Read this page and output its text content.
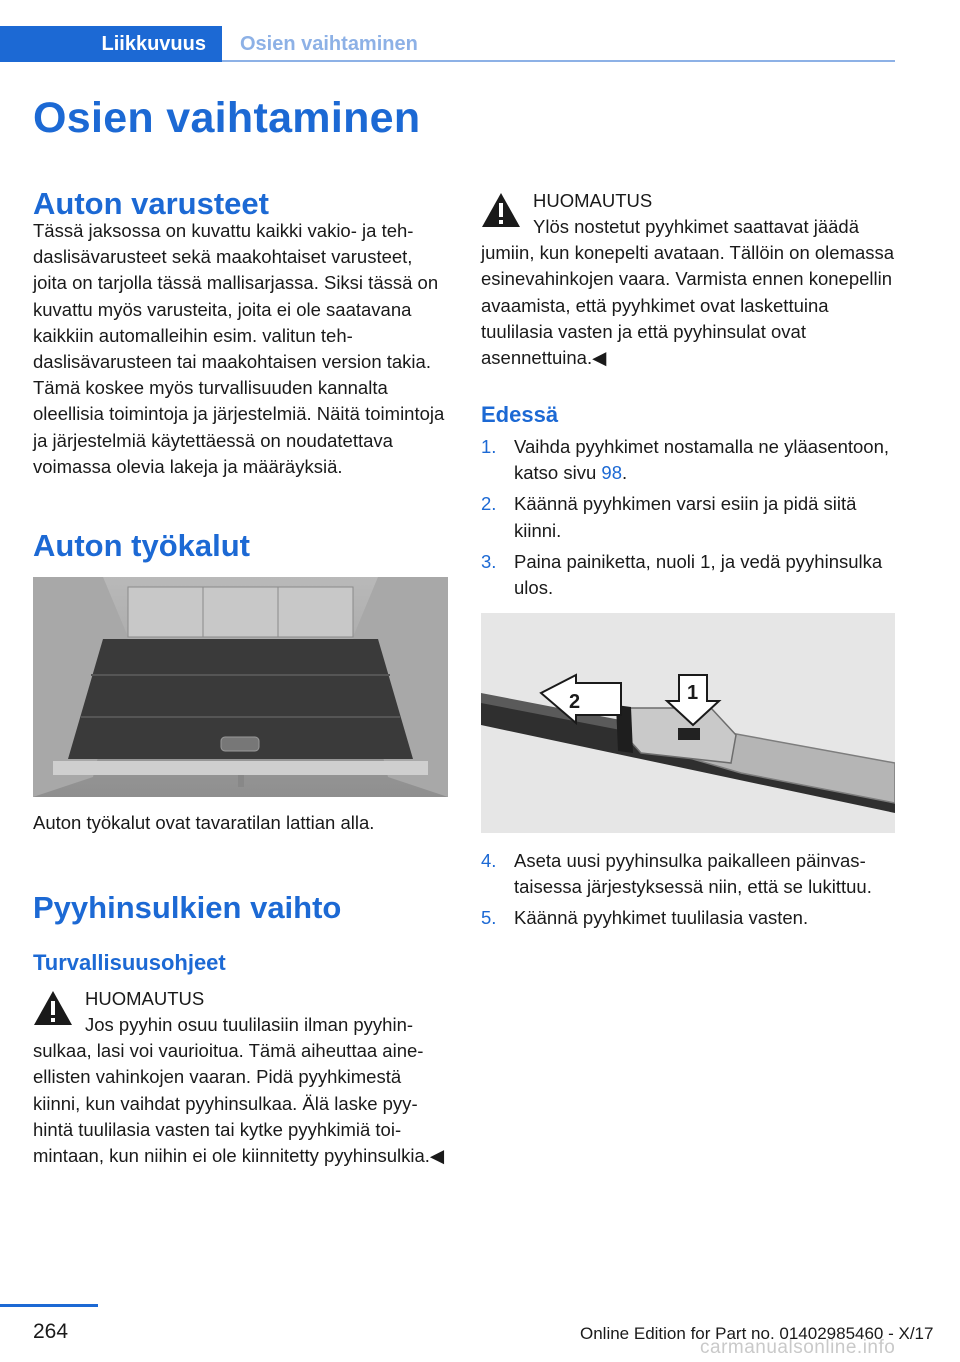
Liikkuvuus	Osien vaihtaminen
Osien vaihtaminen
Auton varusteet

Tässä jaksossa on kuvattu kaikki vakio- ja tehdaslisävarusteet sekä maakohtaiset varusteet, joita on tarjolla tässä mallisarjassa. Siksi tässä on kuvattu myös varusteita, joita ei ole saatavana kaikkiin automalleihin esim. valitun tehdaslisävarusteen tai maakohtaisen version takia. Tämä koskee myös turvallisuuden kannalta oleellisia toimintoja ja järjestelmiä. Näitä toimintoja ja järjestelmiä käytettäessä on noudatettava voimassa olevia lakeja ja määräyksiä.

Auton työkalut

Auton työkalut ovat tavaratilan lattian alla.

Pyyhinsulkien vaihto
Turvallisuusohjeet
HUOMAUTUS

Jos pyyhin osuu tuulilasiin ilman pyyhinsulkaa, lasi voi vaurioitua. Tämä aiheuttaa aineellisten vahinkojen vaaran. Pidä pyyhkimestä kiinni, kun vaihdat pyyhinsulkaa. Älä laske pyyhintä tuulilasia vasten tai kytke pyyhkimiä toimintaan, kun niihin ei ole kiinnitetty pyyhinsulkia.◀

HUOMAUTUS

Ylös nostetut pyyhkimet saattavat jäädä jumiin, kun konepelti avataan. Tällöin on olemassa esinevahinkojen vaara. Varmista ennen konepellin avaamista, että pyyhkimet ovat laskettuina tuulilasia vasten ja että pyyhinsulat ovat asennettuina.◀

Edessä
1. Vaihda pyyhkimet nostamalla ne yläasentoon, katso sivu 98.
2. Käännä pyyhkimen varsi esiin ja pidä siitä kiinni.
3. Paina painiketta, nuoli 1, ja vedä pyyhinsulka ulos.
2	1
4. Aseta uusi pyyhinsulka paikalleen päinvastaisessa järjestyksessä niin, että se lukittuu.
5. Käännä pyyhkimet tuulilasia vasten.
264	Online Edition for Part no. 01402985460 - X/17
carmanualsonline.info
